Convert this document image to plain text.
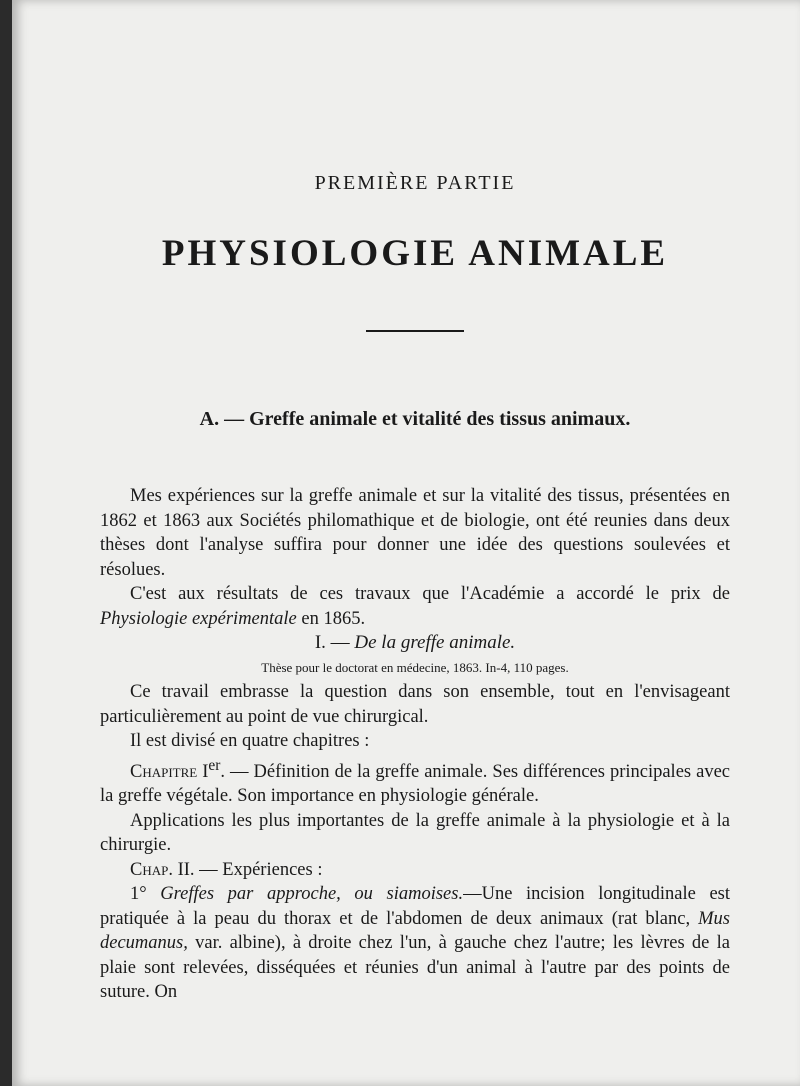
PREMIÈRE PARTIE
PHYSIOLOGIE ANIMALE
A. — Greffe animale et vitalité des tissus animaux.

Mes expériences sur la greffe animale et sur la vitalité des tissus, présentées en 1862 et 1863 aux Sociétés philomathique et de biologie, ont été reunies dans deux thèses dont l'analyse suffira pour donner une idée des questions soulevées et résolues.

C'est aux résultats de ces travaux que l'Académie a accordé le prix de Physiologie expérimentale en 1865.

I. — De la greffe animale.

Thèse pour le doctorat en médecine, 1863. In-4, 110 pages.

Ce travail embrasse la question dans son ensemble, tout en l'envisageant particulièrement au point de vue chirurgical.

Il est divisé en quatre chapitres :

Chapitre Ier. — Définition de la greffe animale. Ses différences principales avec la greffe végétale. Son importance en physiologie générale.

Applications les plus importantes de la greffe animale à la physiologie et à la chirurgie.

Chap. II. — Expériences :

1° Greffes par approche, ou siamoises.—Une incision longitudinale est pratiquée à la peau du thorax et de l'abdomen de deux animaux (rat blanc, Mus decumanus, var. albine), à droite chez l'un, à gauche chez l'autre; les lèvres de la plaie sont relevées, disséquées et réunies d'un animal à l'autre par des points de suture. On
